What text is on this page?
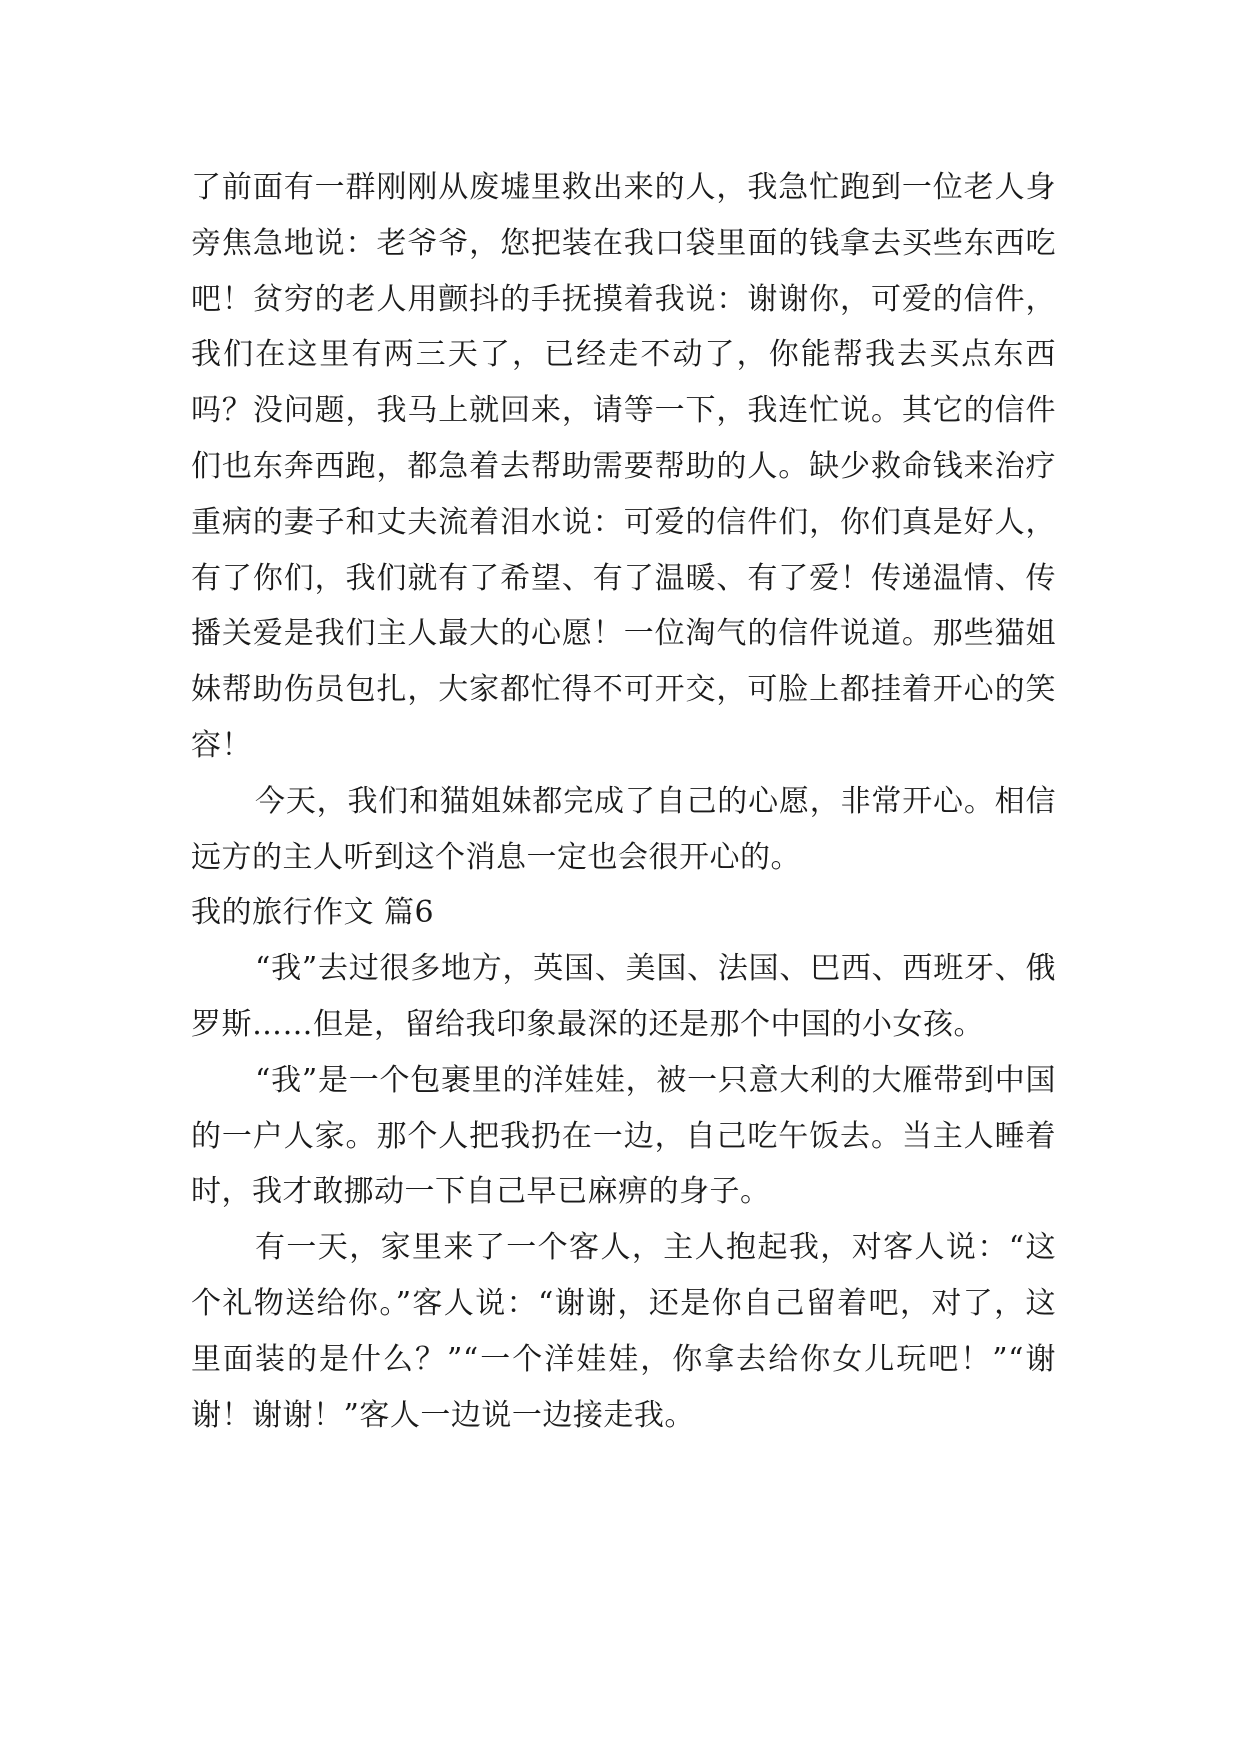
了前面有一群刚刚从废墟里救出来的人，我急忙跑到一位老人身旁焦急地说：老爷爷，您把装在我口袋里面的钱拿去买些东西吃吧！贫穷的老人用颤抖的手抚摸着我说：谢谢你，可爱的信件，我们在这里有两三天了，已经走不动了，你能帮我去买点东西吗？没问题，我马上就回来，请等一下，我连忙说。其它的信件们也东奔西跑，都急着去帮助需要帮助的人。缺少救命钱来治疗重病的妻子和丈夫流着泪水说：可爱的信件们，你们真是好人，有了你们，我们就有了希望、有了温暖、有了爱！传递温情、传播关爱是我们主人最大的心愿！一位淘气的信件说道。那些猫姐妹帮助伤员包扎，大家都忙得不可开交，可脸上都挂着开心的笑容！

今天，我们和猫姐妹都完成了自己的心愿，非常开心。相信远方的主人听到这个消息一定也会很开心的。

我的旅行作文 篇6

“我”去过很多地方，英国、美国、法国、巴西、西班牙、俄罗斯……但是，留给我印象最深的还是那个中国的小女孩。

“我”是一个包裹里的洋娃娃，被一只意大利的大雁带到中国的一户人家。那个人把我扔在一边，自己吃午饭去。当主人睡着时，我才敢挪动一下自己早已麻痹的身子。

有一天，家里来了一个客人，主人抱起我，对客人说：“这个礼物送给你。”客人说：“谢谢，还是你自己留着吧，对了，这里面装的是什么？”“一个洋娃娃，你拿去给你女儿玩吧！”“谢谢！谢谢！”客人一边说一边接走我。
